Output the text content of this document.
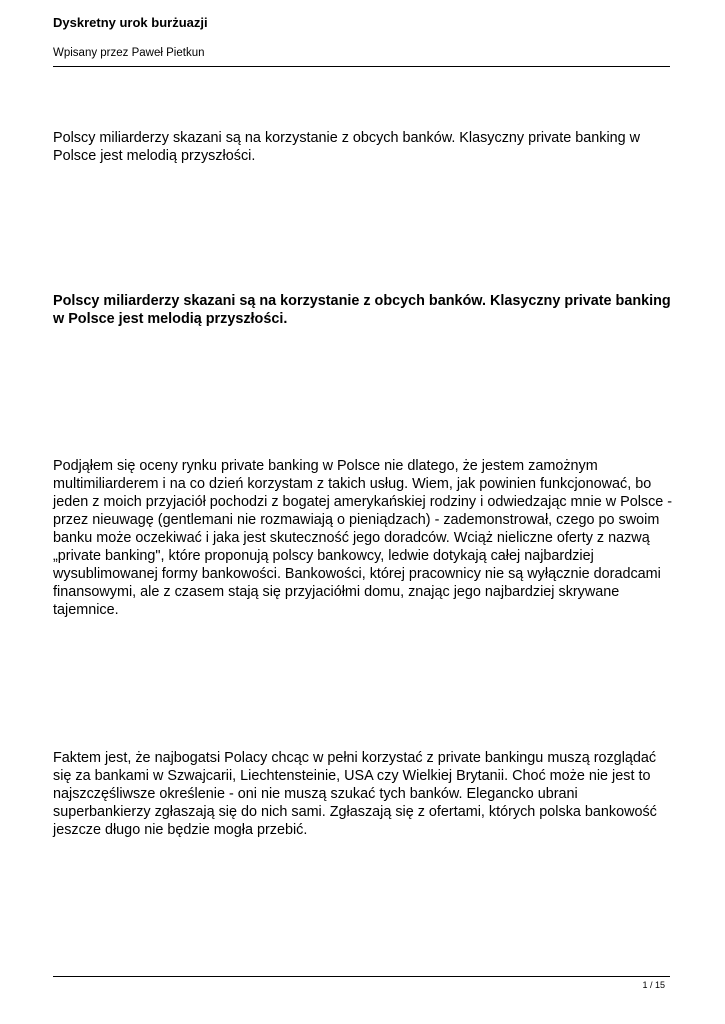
Dyskretny urok burżuazji
Wpisany przez Paweł Pietkun

Polscy miliarderzy skazani są na korzystanie z obcych banków. Klasyczny private banking w Polsce jest melodią przyszłości.

Polscy miliarderzy skazani są na korzystanie z obcych banków. Klasyczny private banking w Polsce jest melodią przyszłości.

Podjąłem się oceny rynku private banking w Polsce nie dlatego, że jestem zamożnym multimiliarderem i na co dzień korzystam z takich usług. Wiem, jak powinien funkcjonować, bo jeden z moich przyjaciół pochodzi z bogatej amerykańskiej rodziny i odwiedzając mnie w Polsce - przez nieuwagę (gentlemani nie rozmawiają o pieniądzach) - zademonstrował, czego po swoim banku może oczekiwać i jaka jest skuteczność jego doradców. Wciąż nieliczne oferty z nazwą „private banking", które proponują polscy bankowcy, ledwie dotykają całej najbardziej wysublimowanej formy bankowości. Bankowości, której pracownicy nie są wyłącznie doradcami finansowymi, ale z czasem stają się przyjaciółmi domu, znając jego najbardziej skrywane tajemnice.

Faktem jest, że najbogatsi Polacy chcąc w pełni korzystać z private bankingu muszą rozglądać się za bankami w Szwajcarii, Liechtensteinie, USA czy Wielkiej Brytanii. Choć może nie jest to najszczęśliwsze określenie - oni nie muszą szukać tych banków. Elegancko ubrani superbankierzy zgłaszają się do nich sami. Zgłaszają się z ofertami, których polska bankowość jeszcze długo nie będzie mogła przebić.

1 / 15
